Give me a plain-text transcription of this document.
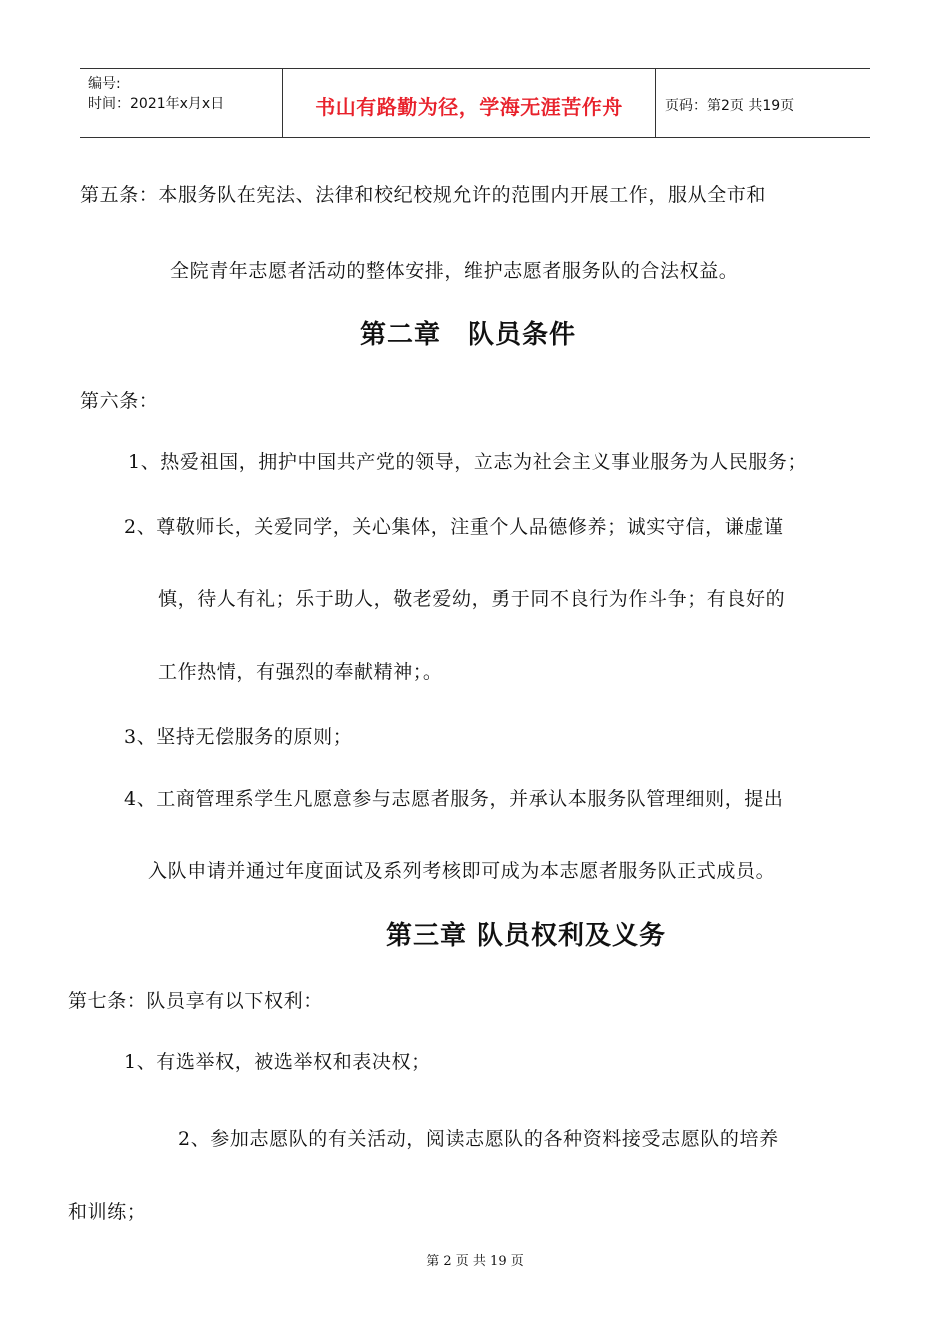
编号:
时间：2021年x月x日	书山有路勤为径，学海无涯苦作舟	页码：第2页 共19页
第五条：本服务队在宪法、法律和校纪校规允许的范围内开展工作，服从全市和
全院青年志愿者活动的整体安排，维护志愿者服务队的合法权益。
第二章　队员条件
第六条：
1、热爱祖国，拥护中国共产党的领导，立志为社会主义事业服务为人民服务；
2、尊敬师长，关爱同学，关心集体，注重个人品德修养；诚实守信，谦虚谨
慎，待人有礼；乐于助人，敬老爱幼，勇于同不良行为作斗争；有良好的
工作热情，有强烈的奉献精神；。
3、坚持无偿服务的原则；
4、工商管理系学生凡愿意参与志愿者服务，并承认本服务队管理细则，提出
入队申请并通过年度面试及系列考核即可成为本志愿者服务队正式成员。
第三章 队员权利及义务
第七条：队员享有以下权利：
1、有选举权，被选举权和表决权；
2、参加志愿队的有关活动，阅读志愿队的各种资料接受志愿队的培养
和训练；
第 2 页 共 19 页
